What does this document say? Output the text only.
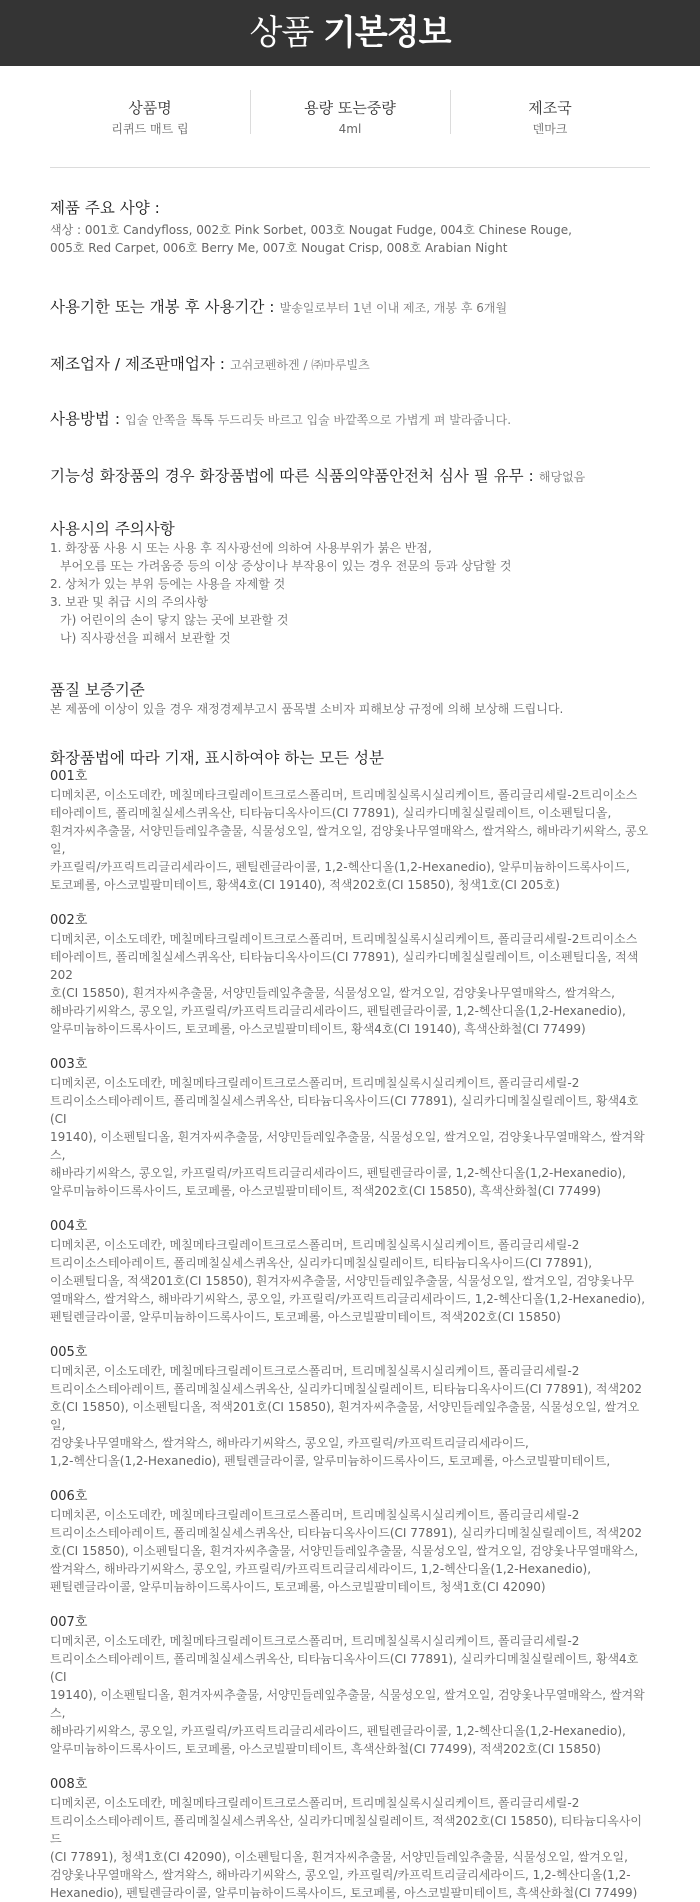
상품 기본정보
상품명
리퀴드 매트 립
용량 또는중량
4ml
제조국
덴마크
제품 주요 사양 :
색상 : 001호 Candyfloss, 002호 Pink Sorbet, 003호 Nougat Fudge, 004호 Chinese Rouge,
005호 Red Carpet, 006호 Berry Me, 007호 Nougat Crisp, 008호 Arabian Night
사용기한 또는 개봉 후 사용기간 : 발송일로부터 1년 이내 제조, 개봉 후 6개월
제조업자 / 제조판매업자 : 고쉬코펜하겐 / ㈜마루빌츠
사용방법 : 입술 안쪽을 톡톡 두드리듯 바르고 입술 바깥쪽으로 가볍게 펴 발라줍니다.
기능성 화장품의 경우 화장품법에 따른 식품의약품안전처 심사 필 유무 : 해당없음
사용시의 주의사항
1. 화장품 사용 시 또는 사용 후 직사광선에 의하여 사용부위가 붉은 반점,
부어오름 또는 가려움증 등의 이상 증상이나 부작용이 있는 경우 전문의 등과 상담할 것
2. 상처가 있는 부위 등에는 사용을 자제할 것
3. 보관 및 취급 시의 주의사항
가) 어린이의 손이 닿지 않는 곳에 보관할 것
나) 직사광선을 피해서 보관할 것
품질 보증기준
본 제품에 이상이 있을 경우 재정경제부고시 품목별 소비자 피해보상 규정에 의해 보상해 드립니다.
화장품법에 따라 기재, 표시하여야 하는 모든 성분
001호
디메치콘, 이소도데칸, 메칠메타크릴레이트크로스폴리머, 트리메칠실록시실리케이트, 폴리글리세릴-2트리이소스
테아레이트, 폴리메칠실세스퀴옥산, 티타늄디옥사이드(CI 77891), 실리카디메칠실릴레이트, 이소펜틸디올,
흰겨자씨추출물, 서양민들레잎추출물, 식물성오일, 쌀겨오일, 검양옻나무열매왁스, 쌀겨왁스, 해바라기씨왁스, 콩오일,
카프릴릭/카프릭트리글리세라이드, 펜틸렌글라이콜, 1,2-헥산디올(1,2-Hexanedio), 알루미늄하이드록사이드,
토코페롤, 아스코빌팔미테이트, 황색4호(CI 19140), 적색202호(CI 15850), 청색1호(CI 205호)
002호
디메치콘, 이소도데칸, 메칠메타크릴레이트크로스폴리머, 트리메칠실록시실리케이트, 폴리글리세릴-2트리이소스
테아레이트, 폴리메칠실세스퀴옥산, 티타늄디옥사이드(CI 77891), 실리카디메칠실릴레이트, 이소펜틸디올, 적색202
호(CI 15850), 흰겨자씨추출물, 서양민들레잎추출물, 식물성오일, 쌀겨오일, 검양옻나무열매왁스, 쌀겨왁스,
해바라기씨왁스, 콩오일, 카프릴릭/카프릭트리글리세라이드, 펜틸렌글라이콜, 1,2-헥산디올(1,2-Hexanedio),
알루미늄하이드록사이드, 토코페롤, 아스코빌팔미테이트, 황색4호(CI 19140), 흑색산화철(CI 77499)
003호
디메치콘, 이소도데칸, 메칠메타크릴레이트크로스폴리머, 트리메칠실록시실리케이트, 폴리글리세릴-2
트리이소스테아레이트, 폴리메칠실세스퀴옥산, 티타늄디옥사이드(CI 77891), 실리카디메칠실릴레이트, 황색4호(CI
19140), 이소펜틸디올, 흰겨자씨추출물, 서양민들레잎추출물, 식물성오일, 쌀겨오일, 검양옻나무열매왁스, 쌀겨왁스,
해바라기씨왁스, 콩오일, 카프릴릭/카프릭트리글리세라이드, 펜틸렌글라이콜, 1,2-헥산디올(1,2-Hexanedio),
알루미늄하이드록사이드, 토코페롤, 아스코빌팔미테이트, 적색202호(CI 15850), 흑색산화철(CI 77499)
004호
디메치콘, 이소도데칸, 메칠메타크릴레이트크로스폴리머, 트리메칠실록시실리케이트, 폴리글리세릴-2
트리이소스테아레이트, 폴리메칠실세스퀴옥산, 실리카디메칠실릴레이트, 티타늄디옥사이드(CI 77891),
이소펜틸디올, 적색201호(CI 15850), 흰겨자씨추출물, 서양민들레잎추출물, 식물성오일, 쌀겨오일, 검양옻나무
열매왁스, 쌀겨왁스, 해바라기씨왁스, 콩오일, 카프릴릭/카프릭트리글리세라이드, 1,2-헥산디올(1,2-Hexanedio),
펜틸렌글라이콜, 알루미늄하이드록사이드, 토코페롤, 아스코빌팔미테이트, 적색202호(CI 15850)
005호
디메치콘, 이소도데칸, 메칠메타크릴레이트크로스폴리머, 트리메칠실록시실리케이트, 폴리글리세릴-2
트리이소스테아레이트, 폴리메칠실세스퀴옥산, 실리카디메칠실릴레이트, 티타늄디옥사이드(CI 77891), 적색202
호(CI 15850), 이소펜틸디올, 적색201호(CI 15850), 흰겨자씨추출물, 서양민들레잎추출물, 식물성오일, 쌀겨오일,
검양옻나무열매왁스, 쌀겨왁스, 해바라기씨왁스, 콩오일, 카프릴릭/카프릭트리글리세라이드,
1,2-헥산디올(1,2-Hexanedio), 펜틸렌글라이콜, 알루미늄하이드록사이드, 토코페롤, 아스코빌팔미테이트,
006호
디메치콘, 이소도데칸, 메칠메타크릴레이트크로스폴리머, 트리메칠실록시실리케이트, 폴리글리세릴-2
트리이소스테아레이트, 폴리메칠실세스퀴옥산, 티타늄디옥사이드(CI 77891), 실리카디메칠실릴레이트, 적색202
호(CI 15850), 이소펜틸디올, 흰겨자씨추출물, 서양민들레잎추출물, 식물성오일, 쌀겨오일, 검양옻나무열매왁스,
쌀겨왁스, 해바라기씨왁스, 콩오일, 카프릴릭/카프릭트리글리세라이드, 1,2-헥산디올(1,2-Hexanedio),
펜틸렌글라이콜, 알루미늄하이드록사이드, 토코페롤, 아스코빌팔미테이트, 청색1호(CI 42090)
007호
디메치콘, 이소도데칸, 메칠메타크릴레이트크로스폴리머, 트리메칠실록시실리케이트, 폴리글리세릴-2
트리이소스테아레이트, 폴리메칠실세스퀴옥산, 티타늄디옥사이드(CI 77891), 실리카디메칠실릴레이트, 황색4호(CI
19140), 이소펜틸디올, 흰겨자씨추출물, 서양민들레잎추출물, 식물성오일, 쌀겨오일, 검양옻나무열매왁스, 쌀겨왁스,
해바라기씨왁스, 콩오일, 카프릴릭/카프릭트리글리세라이드, 펜틸렌글라이콜, 1,2-헥산디올(1,2-Hexanedio),
알루미늄하이드록사이드, 토코페롤, 아스코빌팔미테이트, 흑색산화철(CI 77499), 적색202호(CI 15850)
008호
디메치콘, 이소도데칸, 메칠메타크릴레이트크로스폴리머, 트리메칠실록시실리케이트, 폴리글리세릴-2
트리이소스테아레이트, 폴리메칠실세스퀴옥산, 실리카디메칠실릴레이트, 적색202호(CI 15850), 티타늄디옥사이드
(CI 77891), 청색1호(CI 42090), 이소펜틸디올, 흰겨자씨추출물, 서양민들레잎추출물, 식물성오일, 쌀겨오일,
검양옻나무열매왁스, 쌀겨왁스, 해바라기씨왁스, 콩오일, 카프릴릭/카프릭트리글리세라이드, 1,2-헥산디올(1,2-
Hexanedio), 펜틸렌글라이콜, 알루미늄하이드록사이드, 토코페롤, 아스코빌팔미테이트, 흑색산화철(CI 77499)
